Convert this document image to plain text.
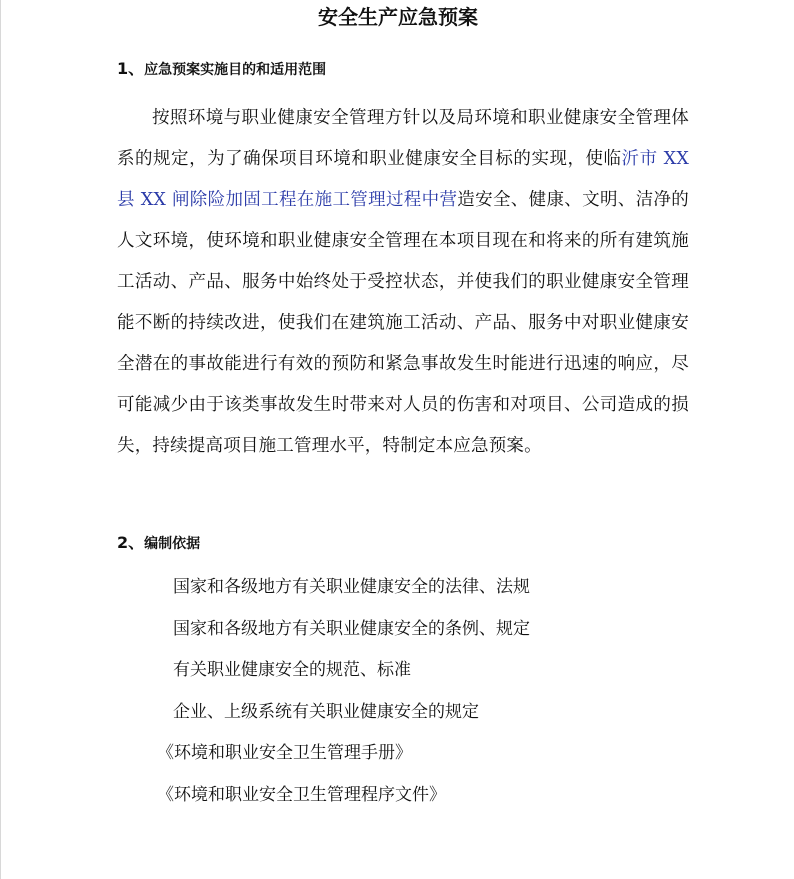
安全生产应急预案
1、应急预案实施目的和适用范围

按照环境与职业健康安全管理方针以及局环境和职业健康安全管理体系的规定，为了确保项目环境和职业健康安全目标的实现，使临沂市 XX 县 XX 闸除险加固工程在施工管理过程中营造安全、健康、文明、洁净的人文环境，使环境和职业健康安全管理在本项目现在和将来的所有建筑施工活动、产品、服务中始终处于受控状态，并使我们的职业健康安全管理能不断的持续改进，使我们在建筑施工活动、产品、服务中对职业健康安全潜在的事故能进行有效的预防和紧急事故发生时能进行迅速的响应，尽可能减少由于该类事故发生时带来对人员的伤害和对项目、公司造成的损失，持续提高项目施工管理水平，特制定本应急预案。

2、编制依据
国家和各级地方有关职业健康安全的法律、法规
国家和各级地方有关职业健康安全的条例、规定
有关职业健康安全的规范、标准
企业、上级系统有关职业健康安全的规定
《环境和职业安全卫生管理手册》
《环境和职业安全卫生管理程序文件》
